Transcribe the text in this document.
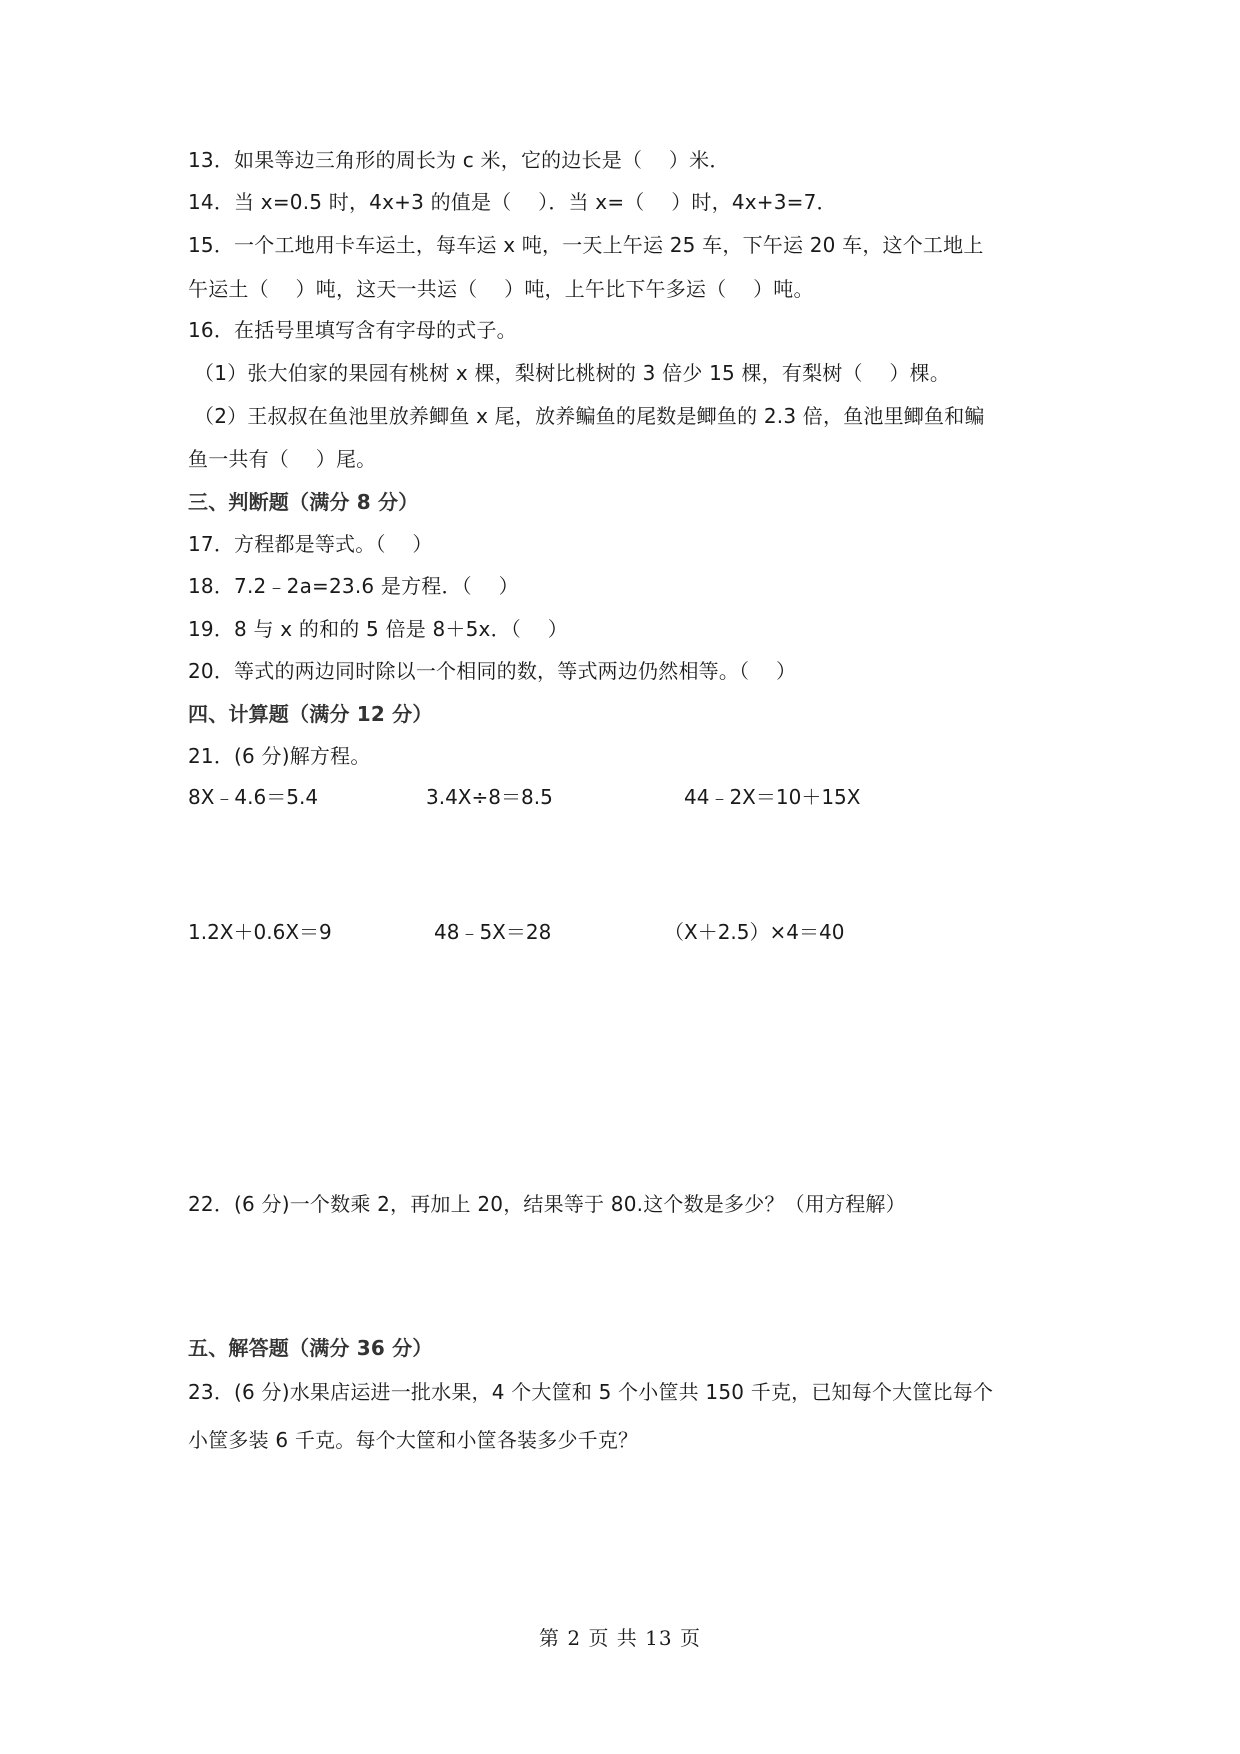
13．如果等边三角形的周长为 c 米，它的边长是（　 ）米．
14．当 x=0.5 时，4x+3 的值是（　 ）．当 x=（　 ）时，4x+3=7．
15．一个工地用卡车运土，每车运 x 吨，一天上午运 25 车，下午运 20 车，这个工地上
午运土（　 ）吨，这天一共运（　 ）吨，上午比下午多运（　 ）吨。
16．在括号里填写含有字母的式子。
（1）张大伯家的果园有桃树 x 棵，梨树比桃树的 3 倍少 15 棵，有梨树（　 ）棵。
（2）王叔叔在鱼池里放养鲫鱼 x 尾，放养鳊鱼的尾数是鲫鱼的 2.3 倍，鱼池里鲫鱼和鳊
鱼一共有（　 ）尾。
三、判断题（满分 8 分）
17．方程都是等式。（　 ）
18．7.2﹣2a=23.6 是方程．（　 ）
19．8 与 x 的和的 5 倍是 8＋5x．（　 ）
20．等式的两边同时除以一个相同的数，等式两边仍然相等。（　 ）
四、计算题（满分 12 分）
21．(6 分)解方程。
8X﹣4.6＝5.4	3.4X÷8＝8.5	44﹣2X＝10＋15X
1.2X＋0.6X＝9	48﹣5X＝28	（X＋2.5）×4＝40
22．(6 分)一个数乘 2，再加上 20，结果等于 80.这个数是多少？（用方程解）
五、解答题（满分 36 分）
23．(6 分)水果店运进一批水果，4 个大筐和 5 个小筐共 150 千克，已知每个大筐比每个
小筐多装 6 千克。每个大筐和小筐各装多少千克？
第 2 页 共 13 页
